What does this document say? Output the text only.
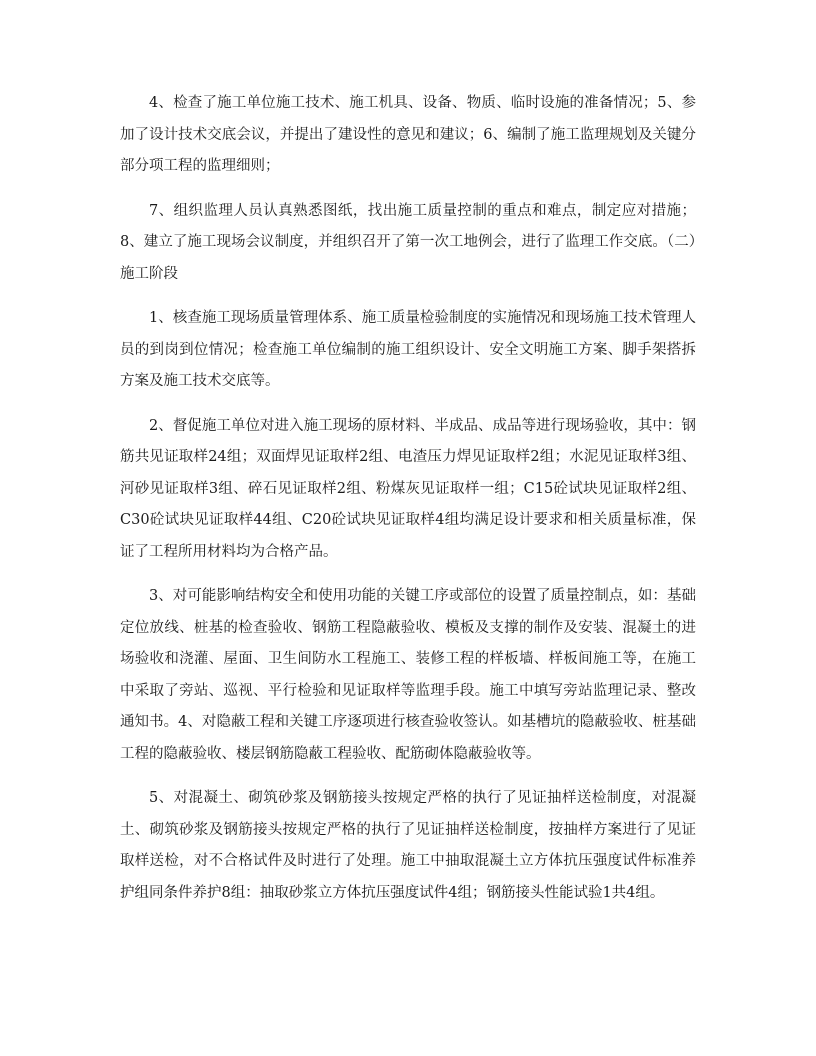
4、检查了施工单位施工技术、施工机具、设备、物质、临时设施的准备情况；5、参加了设计技术交底会议，并提出了建设性的意见和建议；6、编制了施工监理规划及关键分部分项工程的监理细则；

7、组织监理人员认真熟悉图纸，找出施工质量控制的重点和难点，制定应对措施；8、建立了施工现场会议制度，并组织召开了第一次工地例会，进行了监理工作交底。（二）施工阶段

1、核查施工现场质量管理体系、施工质量检验制度的实施情况和现场施工技术管理人员的到岗到位情况；检查施工单位编制的施工组织设计、安全文明施工方案、脚手架搭拆方案及施工技术交底等。

2、督促施工单位对进入施工现场的原材料、半成品、成品等进行现场验收，其中：钢筋共见证取样24组；双面焊见证取样2组、电渣压力焊见证取样2组；水泥见证取样3组、河砂见证取样3组、碎石见证取样2组、粉煤灰见证取样一组；C15砼试块见证取样2组、C30砼试块见证取样44组、C20砼试块见证取样4组均满足设计要求和相关质量标准，保证了工程所用材料均为合格产品。

3、对可能影响结构安全和使用功能的关键工序或部位的设置了质量控制点，如：基础定位放线、桩基的检查验收、钢筋工程隐蔽验收、模板及支撑的制作及安装、混凝土的进场验收和浇灌、屋面、卫生间防水工程施工、装修工程的样板墙、样板间施工等，在施工中采取了旁站、巡视、平行检验和见证取样等监理手段。施工中填写旁站监理记录、整改通知书。4、对隐蔽工程和关键工序逐项进行核查验收签认。如基槽坑的隐蔽验收、桩基础工程的隐蔽验收、楼层钢筋隐蔽工程验收、配筋砌体隐蔽验收等。

5、对混凝土、砌筑砂浆及钢筋接头按规定严格的执行了见证抽样送检制度，对混凝土、砌筑砂浆及钢筋接头按规定严格的执行了见证抽样送检制度，按抽样方案进行了见证取样送检，对不合格试件及时进行了处理。施工中抽取混凝土立方体抗压强度试件标准养护组同条件养护8组：抽取砂浆立方体抗压强度试件4组；钢筋接头性能试验1共4组。
